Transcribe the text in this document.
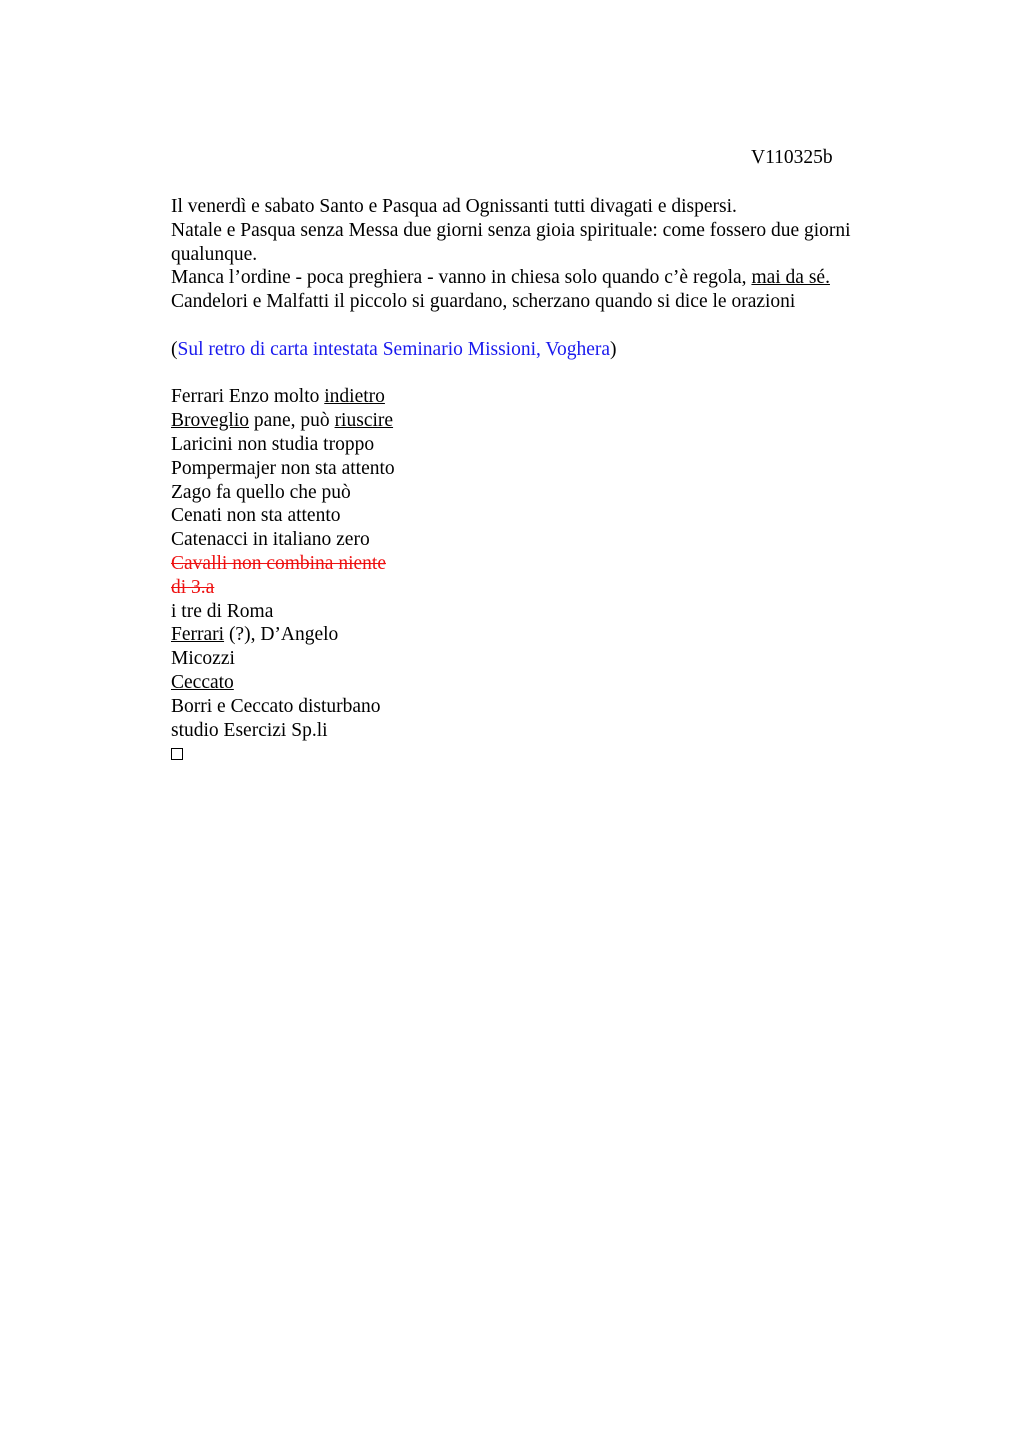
V110325b
Il venerdì e sabato Santo e Pasqua ad Ognissanti tutti divagati e dispersi.
Natale e Pasqua senza Messa due giorni senza gioia spirituale: come fossero due giorni
qualunque.
Manca l’ordine - poca preghiera - vanno in chiesa solo quando c’è regola, mai da sé.
Candelori e Malfatti il piccolo si guardano, scherzano quando si dice le orazioni
(Sul retro di carta intestata Seminario Missioni, Voghera)
Ferrari Enzo molto indietro
Broveglio pane, può riuscire
Laricini non studia troppo
Pompermajer non sta attento
Zago fa quello che può
Cenati non sta attento
Catenacci in italiano zero
Cavalli non combina niente
di 3.a
i tre di Roma
Ferrari (?), D’Angelo
Micozzi
Ceccato
Borri e Ceccato disturbano
studio Esercizi Sp.li
